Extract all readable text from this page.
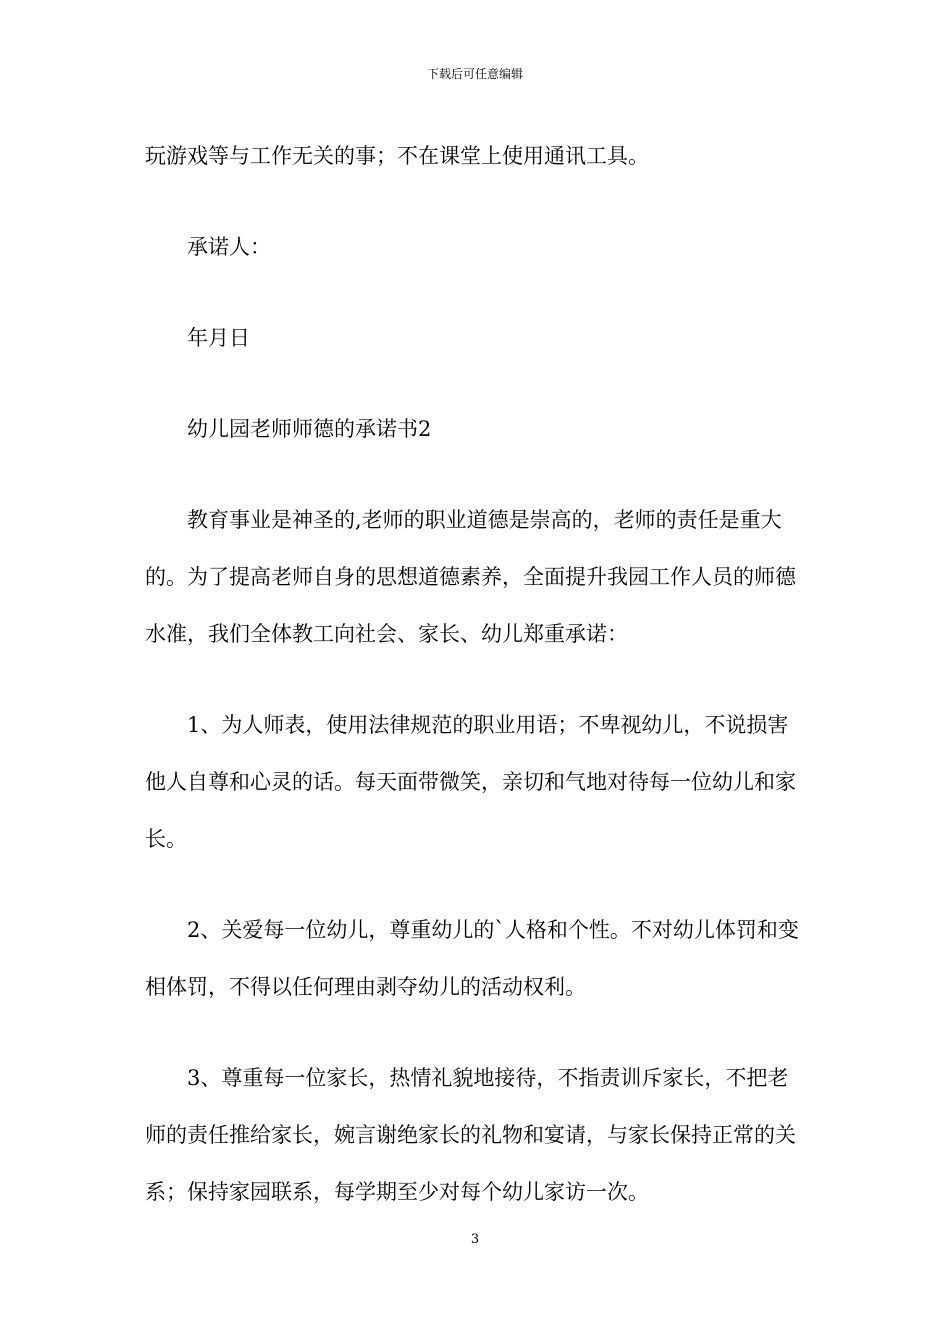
下载后可任意编辑

玩游戏等与工作无关的事；不在课堂上使用通讯工具。

承诺人：

年月日

幼儿园老师师德的承诺书2

教育事业是神圣的,老师的职业道德是崇高的，老师的责任是重大的。为了提高老师自身的思想道德素养，全面提升我园工作人员的师德水准，我们全体教工向社会、家长、幼儿郑重承诺：

1、为人师表，使用法律规范的职业用语；不卑视幼儿，不说损害他人自尊和心灵的话。每天面带微笑，亲切和气地对待每一位幼儿和家长。

2、关爱每一位幼儿，尊重幼儿的`人格和个性。不对幼儿体罚和变相体罚，不得以任何理由剥夺幼儿的活动权利。

3、尊重每一位家长，热情礼貌地接待，不指责训斥家长，不把老师的责任推给家长，婉言谢绝家长的礼物和宴请，与家长保持正常的关系；保持家园联系，每学期至少对每个幼儿家访一次。

3
